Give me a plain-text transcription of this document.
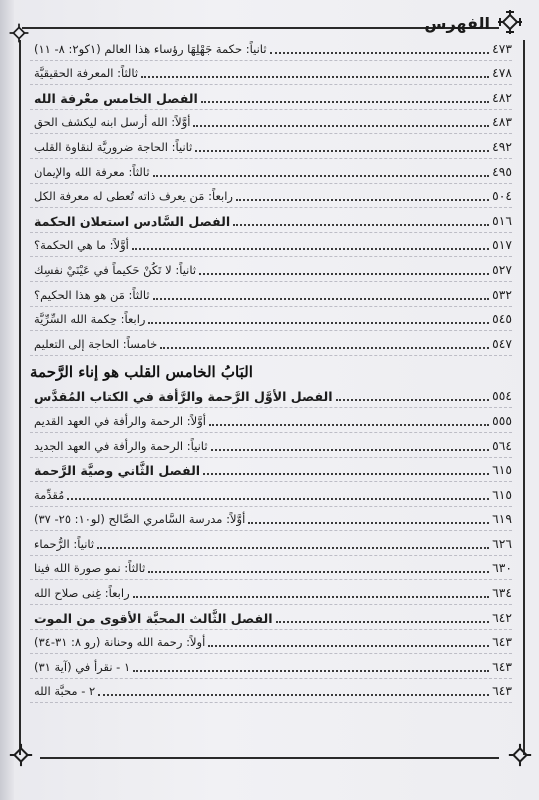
الفهرس
ثانياً: حكمة جَهْلِهَا رؤساء هذا العالم (١كو٢: ٨- ١١)	٤٧٣
ثالثاً: المعرفة الحقيقيَّة	٤٧٨
الفصل الخامس معْرفة الله	٤٨٢
أوَّلاً: الله أرسل ابنه ليكشف الحق	٤٨٣
ثانياً: الحاجة ضروريَّة لنقاوة القلب	٤٩٢
ثالثاً: معرفة الله والإيمان	٤٩٥
رابعاً: مَن يعرف ذاته تُعطى له معرفة الكل	٥٠٤
الفصل السَّادس استعلان الحكمة	٥١٦
أوَّلاً: ما هي الحكمة؟	٥١٧
ثانياً: لا تَكُنْ حَكيماً في عَيْنَيْ نفسِك	٥٢٧
ثالثاً: مَن هو هذا الحكيم؟	٥٣٢
رابعاً: حِكمة الله السِّرِّيَّة	٥٤٥
خامساً: الحاجة إلى التعليم	٥٤٧
البَابُ الخامس القلب هو إناء الرَّحمة
الفصل الأوَّل الرَّحمة والرَّأفة في الكتاب المُقدَّس	٥٥٤
أوَّلاً: الرحمة والرأفة في العهد القديم	٥٥٥
ثانياً: الرحمة والرأفة في العهد الجديد	٥٦٤
الفصل الثَّاني وصيَّة الرَّحمة	٦١٥
مُقدِّمة	٦١٥
أوَّلاً: مدرسة السَّامري الصَّالح (لو١٠: ٢٥- ٣٧)	٦١٩
ثانياً: الرُّحماء	٦٢٦
ثالثاً: نمو صورة الله فينا	٦٣٠
رابعاً: غِنى صلاح الله	٦٣٤
الفصل الثَّالث المحبَّة الأقوى من الموت	٦٤٢
أولاً: رحمة الله وحنانة (رو ٨: ٣١-٣٤)	٦٤٣
١ - نقرأ في (آية ٣١)	٦٤٣
٢ - محبَّة الله	٦٤٣
